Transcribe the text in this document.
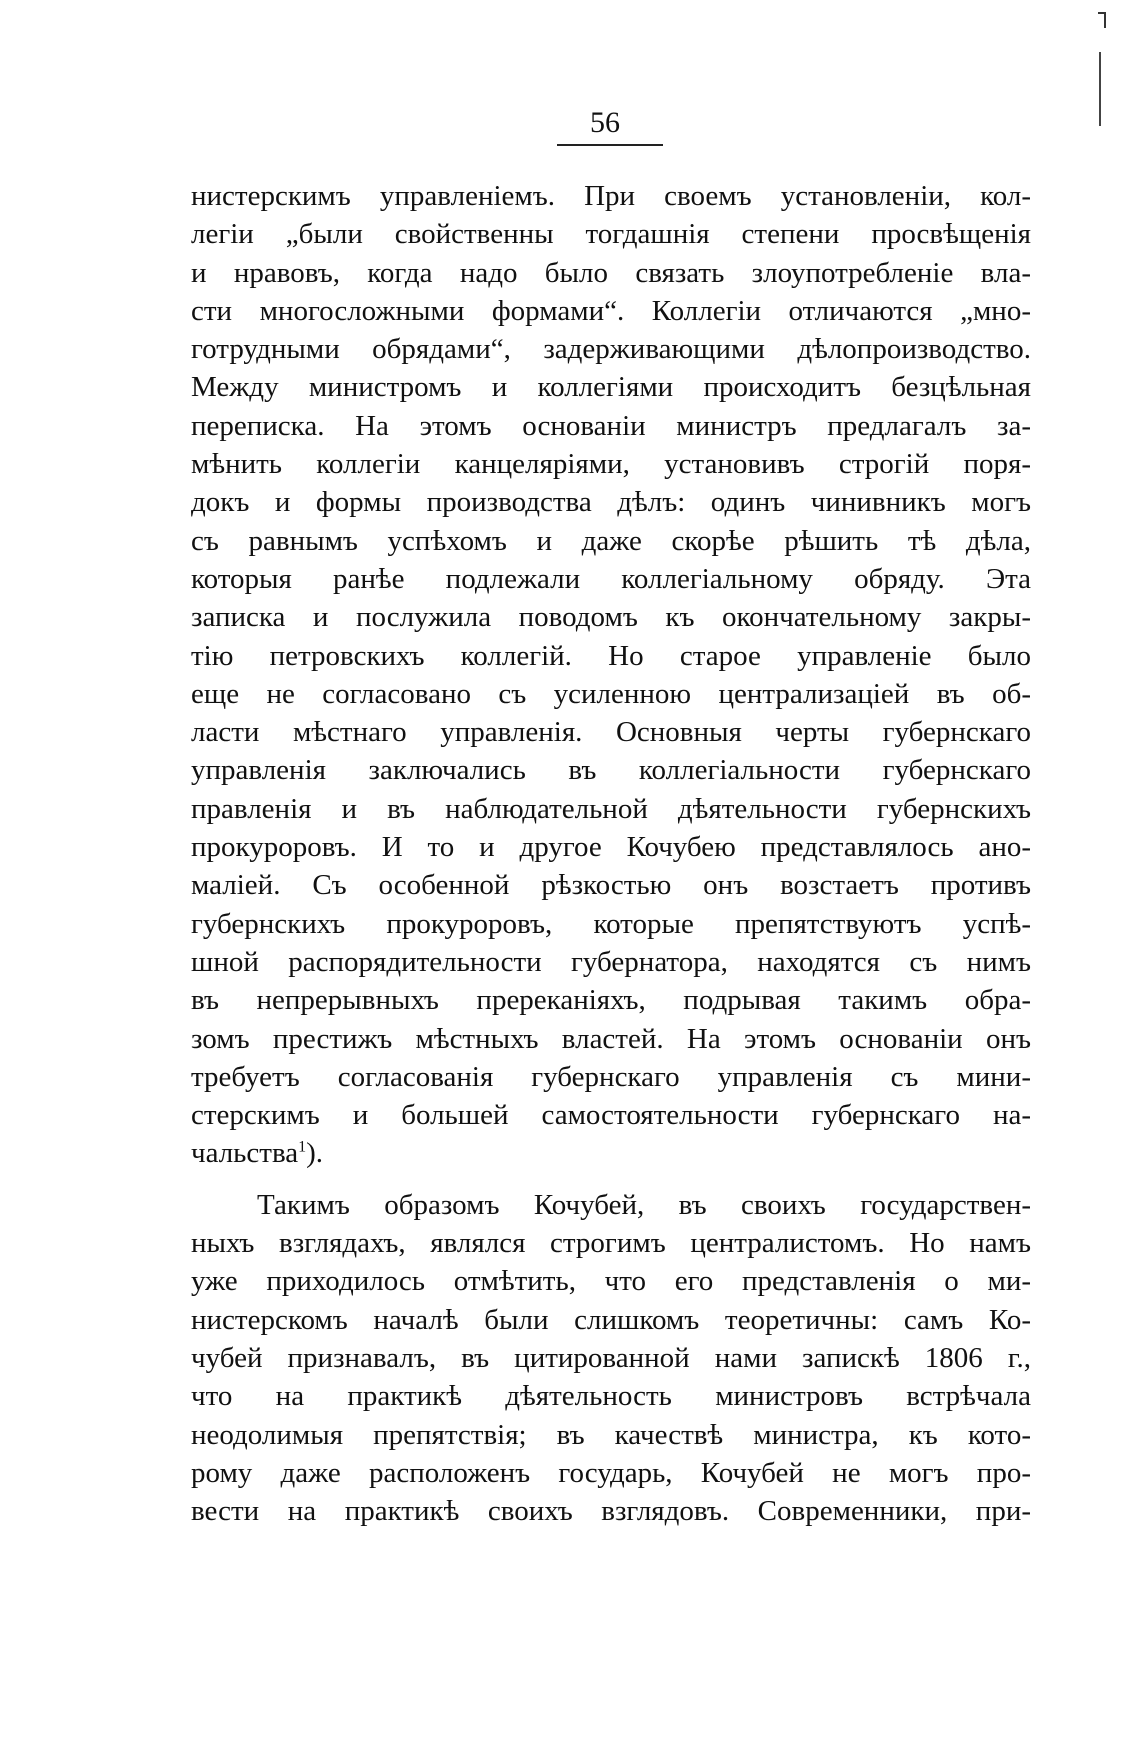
56
нистерскимъ управленіемъ. При своемъ установленіи, кол-
легіи „были свойственны тогдашнія степени просвѣщенія
и нравовъ, когда надо было связать злоупотребленіе вла-
сти многосложными формами“. Коллегіи отличаются „мно-
готрудными обрядами“, задерживающими дѣлопроизводство.
Между министромъ и коллегіями происходитъ безцѣльная
переписка. На этомъ основаніи министръ предлагалъ за-
мѣнить коллегіи канцеляріями, установивъ строгій поря-
докъ и формы производства дѣлъ: одинъ чинивникъ могъ
съ равнымъ успѣхомъ и даже скорѣе рѣшить тѣ дѣла,
которыя ранѣе подлежали коллегіальному обряду. Эта
записка и послужила поводомъ къ окончательному закры-
тію петровскихъ коллегій. Но старое управленіе было
еще не согласовано съ усиленною централизаціей въ об-
ласти мѣстнаго управленія. Основныя черты губернскаго
управленія заключались въ коллегіальности губернскаго
правленія и въ наблюдательной дѣятельности губернскихъ
прокуроровъ. И то и другое Кочубею представлялось ано-
маліей. Съ особенной рѣзкостью онъ возстаетъ противъ
губернскихъ прокуроровъ, которые препятствуютъ успѣ-
шной распорядительности губернатора, находятся съ нимъ
въ непрерывныхъ пререканіяхъ, подрывая такимъ обра-
зомъ престижъ мѣстныхъ властей. На этомъ основаніи онъ
требуетъ согласованія губернскаго управленія съ мини-
стерскимъ и большей самостоятельности губернскаго на-
чальства$^1$).
Такимъ образомъ Кочубей, въ своихъ государствен-
ныхъ взглядахъ, являлся строгимъ централистомъ. Но намъ
уже приходилось отмѣтить, что его представленія о ми-
нистерскомъ началѣ были слишкомъ теоретичны: самъ Ко-
чубей признавалъ, въ цитированной нами запискѣ 1806 г.,
что на практикѣ дѣятельность министровъ встрѣчала
неодолимыя препятствія; въ качествѣ министра, къ кото-
рому даже расположенъ государь, Кочубей не могъ про-
вести на практикѣ своихъ взглядовъ. Современники, при-
